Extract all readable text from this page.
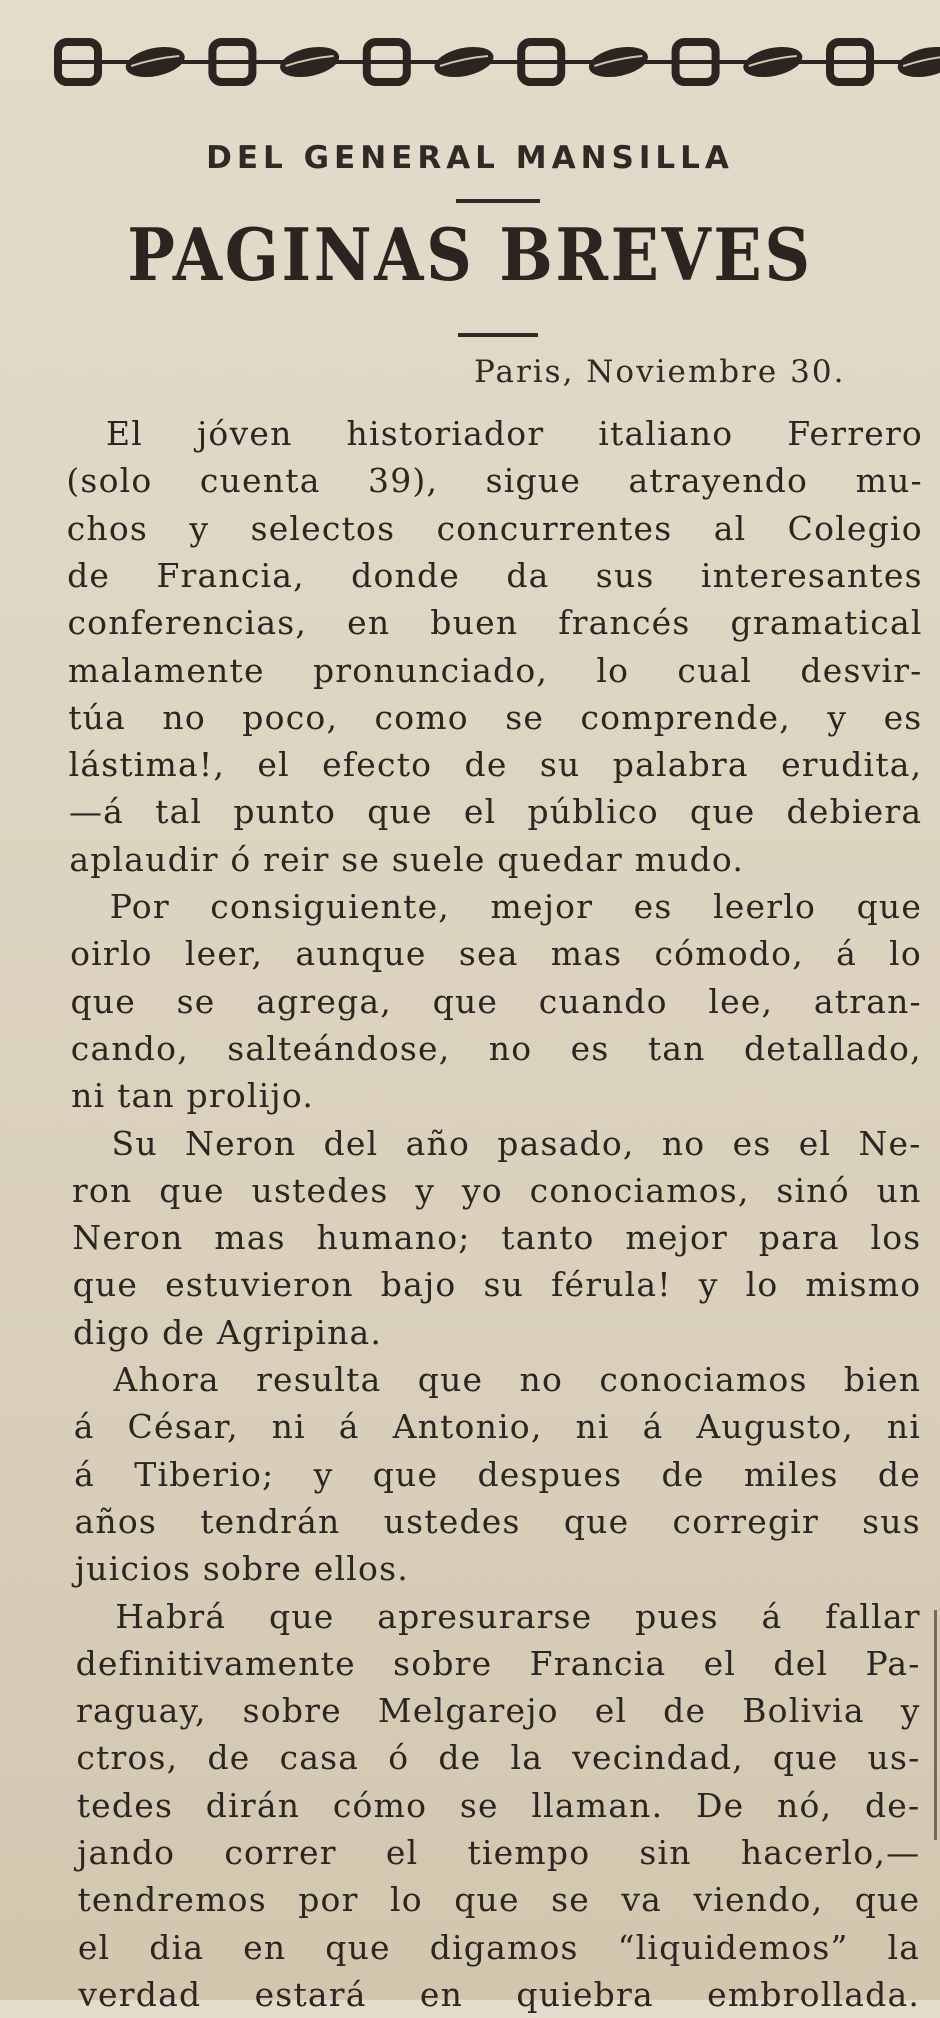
DEL GENERAL MANSILLA
PAGINAS BREVES
Paris, Noviembre 30.
El jóven historiador italiano Ferrero
(solo cuenta 39), sigue atrayendo mu-
chos y selectos concurrentes al Colegio
de Francia, donde da sus interesantes
conferencias, en buen francés gramatical
malamente pronunciado, lo cual desvir-
túa no poco, como se comprende, y es
lástima!, el efecto de su palabra erudita,
—á tal punto que el público que debiera
aplaudir ó reir se suele quedar mudo.
Por consiguiente, mejor es leerlo que
oirlo leer, aunque sea mas cómodo, á lo
que se agrega, que cuando lee, atran-
cando, salteándose, no es tan detallado,
ni tan prolijo.
Su Neron del año pasado, no es el Ne-
ron que ustedes y yo conociamos, sinó un
Neron mas humano; tanto mejor para los
que estuvieron bajo su férula! y lo mismo
digo de Agripina.
Ahora resulta que no conociamos bien
á César, ni á Antonio, ni á Augusto, ni
á Tiberio; y que despues de miles de
años tendrán ustedes que corregir sus
juicios sobre ellos.
Habrá que apresurarse pues á fallar
definitivamente sobre Francia el del Pa-
raguay, sobre Melgarejo el de Bolivia y
ctros, de casa ó de la vecindad, que us-
tedes dirán cómo se llaman. De nó, de-
jando correr el tiempo sin hacerlo,—
tendremos por lo que se va viendo, que
el dia en que digamos “liquidemos” la
verdad estará en quiebra embrollada.
